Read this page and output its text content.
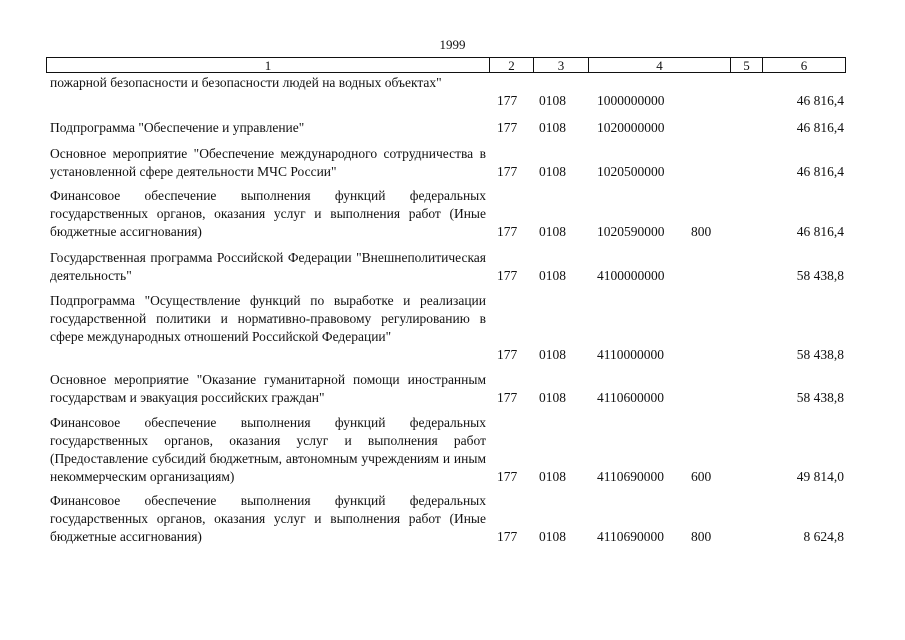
1999
1	2	3	4	5	6
пожарной безопасности и безопасности людей на водных объектах"
177 0108 1000000000	46 816,4
Подпрограмма "Обеспечение и управление"	177 0108 1020000000	46 816,4
Основное мероприятие "Обеспечение международного сотрудничества в установленной сфере деятельности МЧС России"	177 0108 1020500000	46 816,4
Финансовое обеспечение выполнения функций федеральных государственных органов, оказания услуг и выполнения работ (Иные бюджетные ассигнования)	177 0108 1020590000 800	46 816,4
Государственная программа Российской Федерации "Внешнеполитическая деятельность"	177 0108 4100000000	58 438,8
Подпрограмма "Осуществление функций по выработке и реализации государственной политики и нормативно-правовому регулированию в сфере международных отношений Российской Федерации"
177 0108 4110000000	58 438,8
Основное мероприятие "Оказание гуманитарной помощи иностранным государствам и эвакуация российских граждан"	177 0108 4110600000	58 438,8
Финансовое обеспечение выполнения функций федеральных государственных органов, оказания услуг и выполнения работ (Предоставление субсидий бюджетным, автономным учреждениям и иным некоммерческим организациям)	177 0108 4110690000 600	49 814,0
Финансовое обеспечение выполнения функций федеральных государственных органов, оказания услуг и выполнения работ (Иные бюджетные ассигнования)	177 0108 4110690000 800	8 624,8
